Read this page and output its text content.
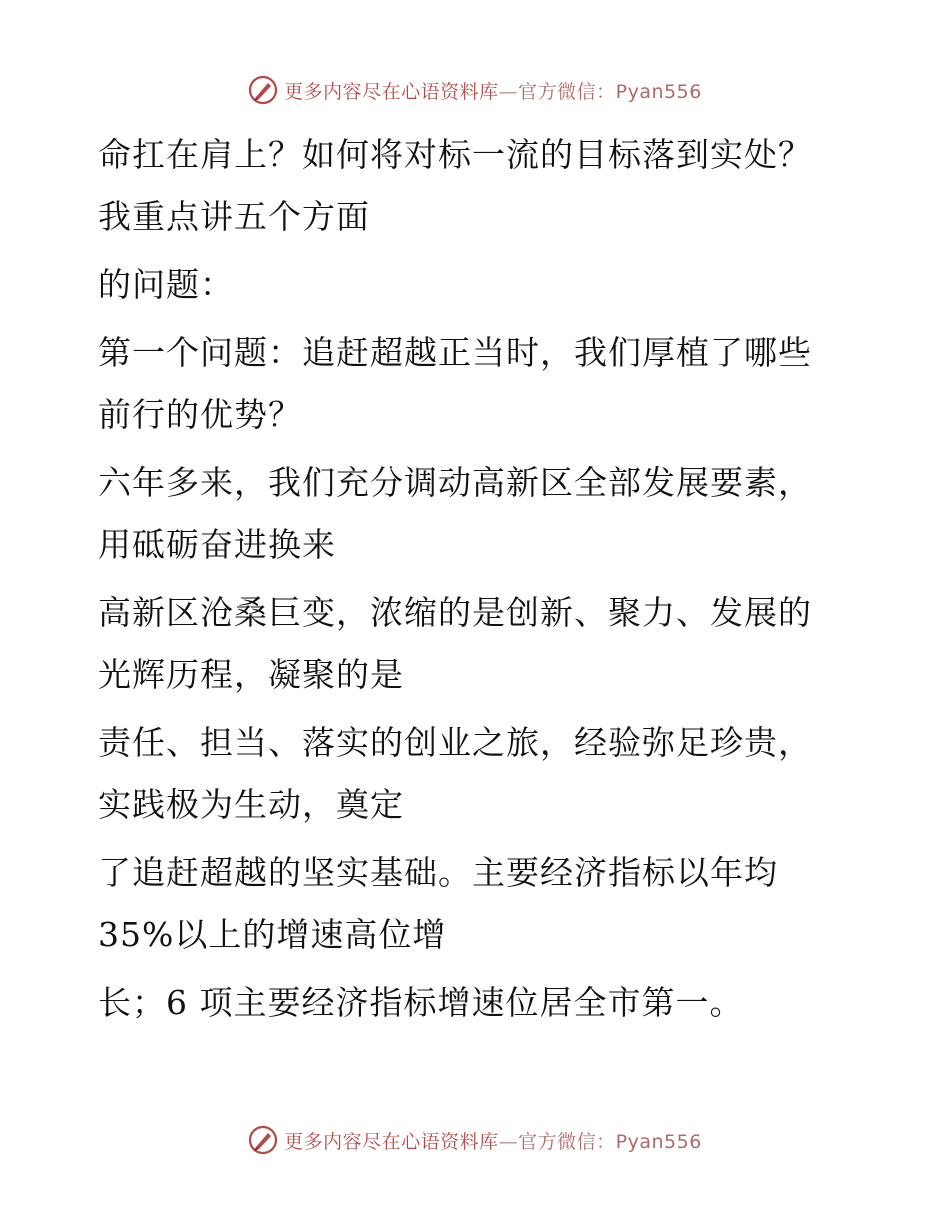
更多内容尽在心语资料库—官方微信：Pyan556

命扛在肩上？如何将对标一流的目标落到实处？
我重点讲五个方面

的问题：

第一个问题：追赶超越正当时，我们厚植了哪些
前行的优势？

六年多来，我们充分调动高新区全部发展要素，
用砥砺奋进换来

高新区沧桑巨变，浓缩的是创新、聚力、发展的
光辉历程，凝聚的是

责任、担当、落实的创业之旅，经验弥足珍贵，
实践极为生动，奠定

了追赶超越的坚实基础。主要经济指标以年均
35%以上的增速高位增

长；6 项主要经济指标增速位居全市第一。

更多内容尽在心语资料库—官方微信：Pyan556
